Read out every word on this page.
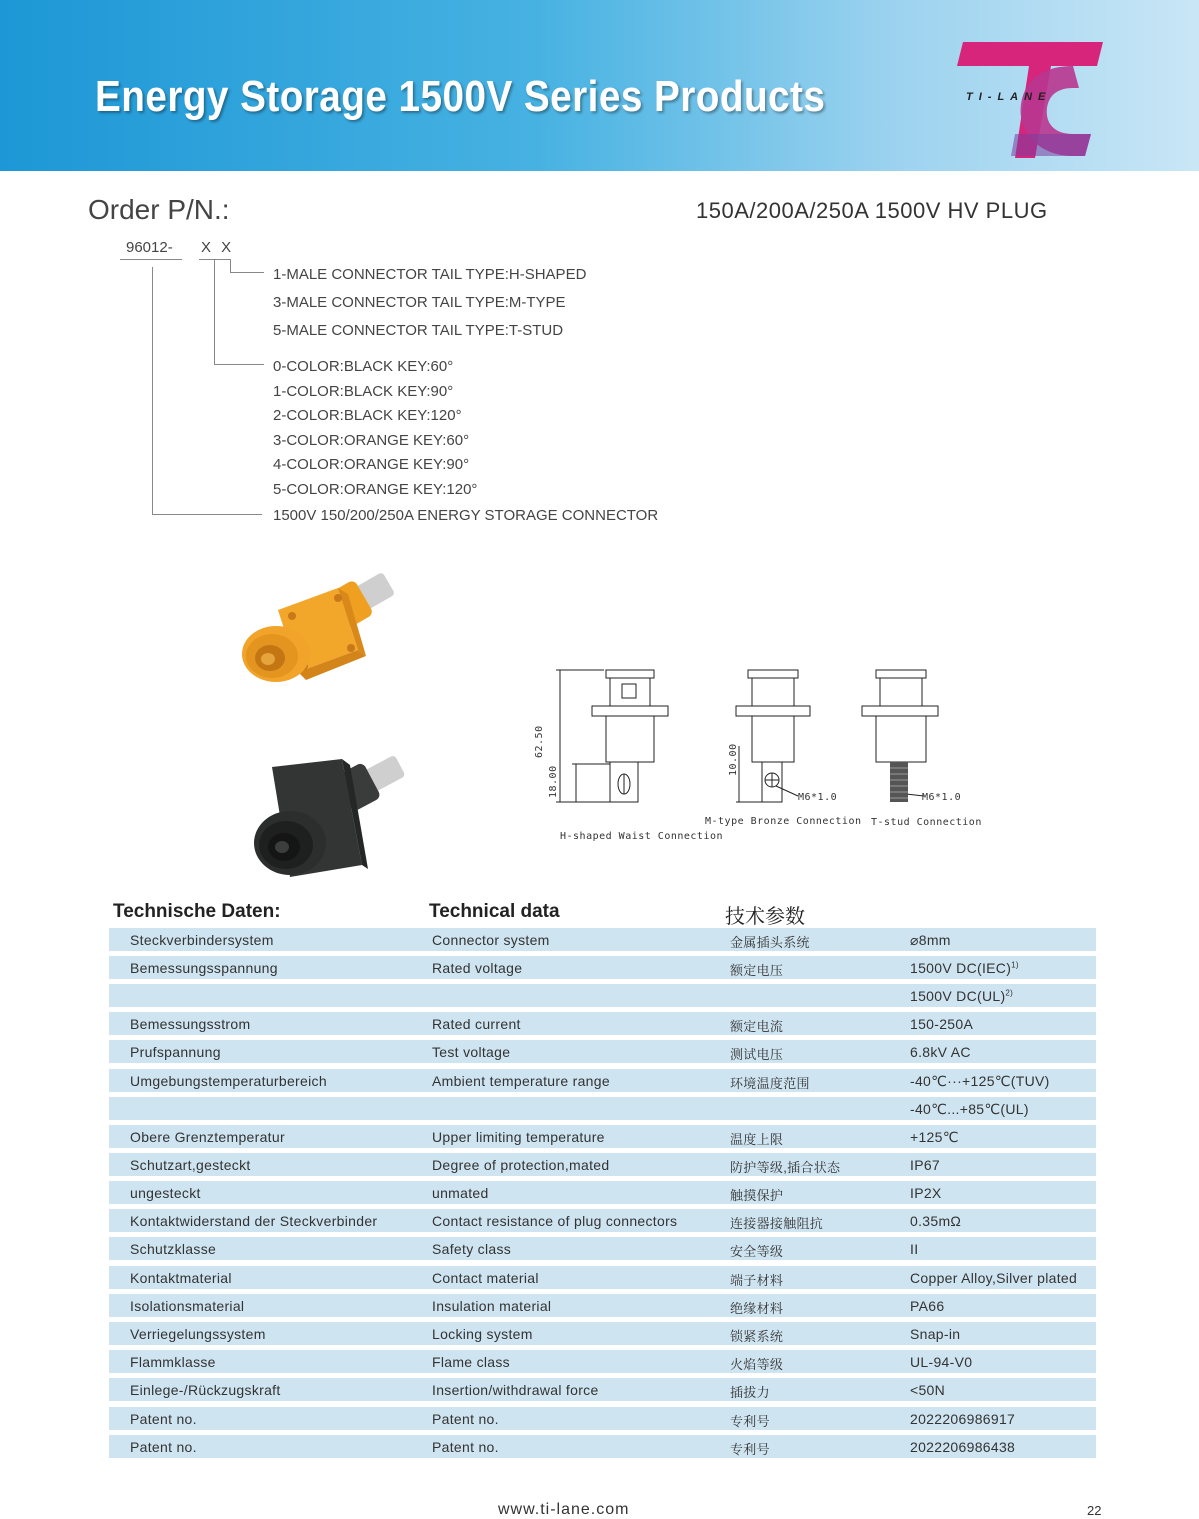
Energy Storage 1500V Series Products	TI-LANE
Order P/N.:	150A/200A/250A 1500V HV PLUG
96012- X X
1-MALE CONNECTOR TAIL TYPE:H-SHAPED
3-MALE CONNECTOR TAIL TYPE:M-TYPE
5-MALE CONNECTOR TAIL TYPE:T-STUD
0-COLOR:BLACK KEY:60°
1-COLOR:BLACK KEY:90°
2-COLOR:BLACK KEY:120°
3-COLOR:ORANGE KEY:60°
4-COLOR:ORANGE KEY:90°
5-COLOR:ORANGE KEY:120°
1500V 150/200/250A ENERGY STORAGE CONNECTOR
62.50
18.00
10.00
M6*1.0	M6*1.0
H-shaped Waist Connection
M-type Bronze Connection T-stud Connection
Technische Daten:	Technical data	技术参数
Steckverbindersystem	Connector system	金属插头系统	⌀8mm
Bemessungsspannung	Rated voltage	额定电压	1500V DC(IEC)$^{1)}$
1500V DC(UL)$^{2)}$
Bemessungsstrom	Rated current	额定电流	150-250A
Prufspannung	Test voltage	测试电压	6.8kV AC
Umgebungstemperaturbereich	Ambient temperature range	环境温度范围	-40℃···+125℃(TUV)
-40℃...+85℃(UL)
Obere Grenztemperatur	Upper limiting temperature	温度上限	+125℃
Schutzart,gesteckt	Degree of protection,mated	防护等级,插合状态	IP67
ungesteckt	unmated	触摸保护	IP2X
Kontaktwiderstand der Steckverbinder	Contact resistance of plug connectors	连接器接触阻抗	0.35mΩ
Schutzklasse	Safety class	安全等级	II
Kontaktmaterial	Contact material	端子材料	Copper Alloy,Silver plated
Isolationsmaterial	Insulation material	绝缘材料	PA66
Verriegelungssystem	Locking system	锁紧系统	Snap-in
Flammklasse	Flame class	火焰等级	UL-94-V0
Einlege-/Rückzugskraft	Insertion/withdrawal force	插拔力	<50N
Patent no.	Patent no.	专利号	2022206986917
Patent no.	Patent no.	专利号	2022206986438
www.ti-lane.com	22
